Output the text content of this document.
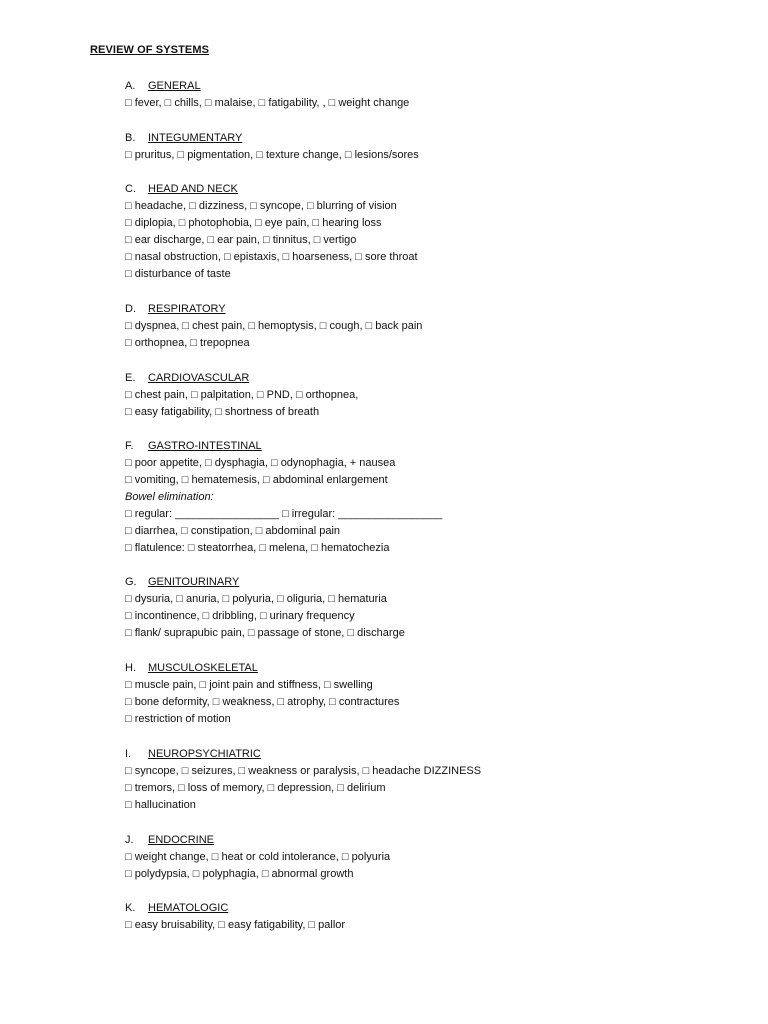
REVIEW OF SYSTEMS
A. GENERAL
□ fever, □ chills, □ malaise, □ fatigability, , □ weight change
B. INTEGUMENTARY
□ pruritus, □ pigmentation, □ texture change, □ lesions/sores
C. HEAD AND NECK
□ headache, □ dizziness, □ syncope, □ blurring of vision
□ diplopia, □ photophobia, □ eye pain, □ hearing loss
□ ear discharge, □ ear pain, □ tinnitus, □ vertigo
□ nasal obstruction, □ epistaxis, □ hoarseness, □ sore throat
□ disturbance of taste
D. RESPIRATORY
□ dyspnea, □ chest pain, □ hemoptysis, □ cough, □ back pain
□ orthopnea, □ trepopnea
E. CARDIOVASCULAR
□ chest pain, □ palpitation, □ PND, □ orthopnea,
□ easy fatigability, □ shortness of breath
F. GASTRO-INTESTINAL
□ poor appetite, □ dysphagia, □ odynophagia, + nausea
□ vomiting, □ hematemesis, □ abdominal enlargement
Bowel elimination:
□ regular: _________________ □ irregular: _________________
□ diarrhea, □ constipation, □ abdominal pain
□ flatulence: □ steatorrhea, □ melena, □ hematochezia
G. GENITOURINARY
□ dysuria, □ anuria, □ polyuria, □ oliguria, □ hematuria
□ incontinence, □ dribbling, □ urinary frequency
□ flank/ suprapubic pain, □ passage of stone, □ discharge
H. MUSCULOSKELETAL
□ muscle pain, □ joint pain and stiffness, □ swelling
□ bone deformity, □ weakness, □ atrophy, □ contractures
□ restriction of motion
I. NEUROPSYCHIATRIC
□ syncope, □ seizures, □ weakness or paralysis, □ headache DIZZINESS
□ tremors, □ loss of memory, □ depression, □ delirium
□ hallucination
J. ENDOCRINE
□ weight change, □ heat or cold intolerance, □ polyuria
□ polydypsia, □ polyphagia, □ abnormal growth
K. HEMATOLOGIC
□ easy bruisability, □ easy fatigability, □ pallor
